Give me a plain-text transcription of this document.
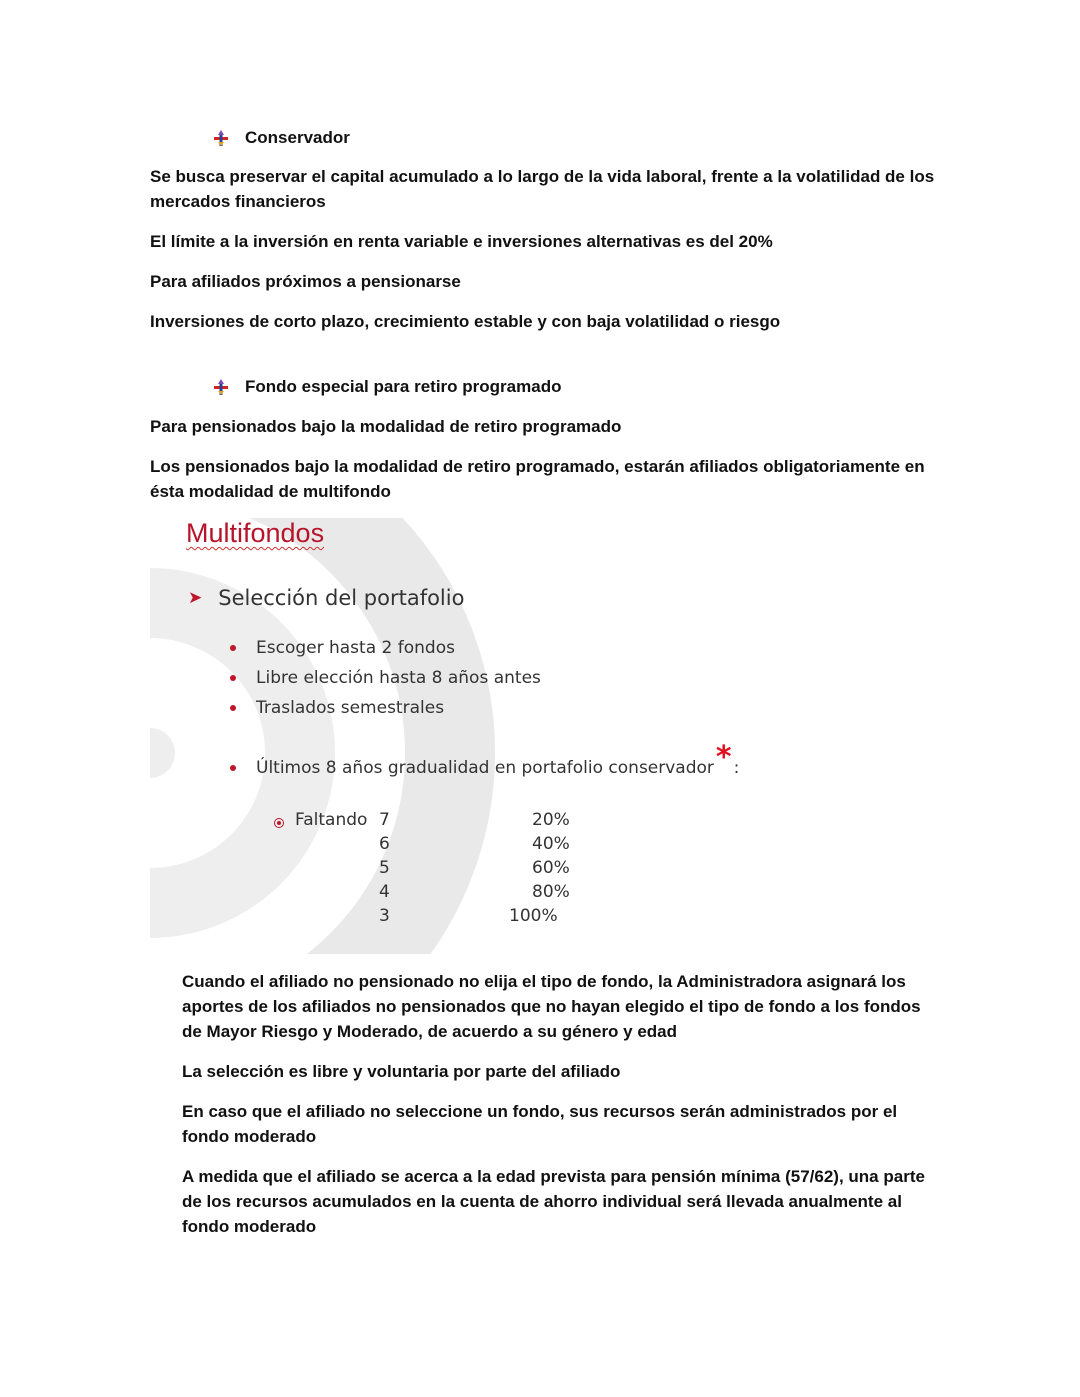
Conservador
Se busca preservar el capital acumulado a lo largo de la vida laboral, frente a la volatilidad de los mercados financieros
El límite a la inversión en renta variable e inversiones alternativas es del 20%
Para afiliados próximos a pensionarse
Inversiones de corto plazo, crecimiento estable y con baja volatilidad o riesgo
Fondo especial para retiro programado
Para pensionados bajo la modalidad de retiro programado
Los pensionados bajo la modalidad de retiro programado, estarán afiliados obligatoriamente en ésta modalidad de multifondo
Multifondos
➤ Selección del portafolio
Escoger hasta 2 fondos
Libre elección hasta 8 años antes
Traslados semestrales
Últimos 8 años gradualidad en portafolio conservador * :
Faltando 7
6
5
4
3
20%
40%
60%
80%
100%
Cuando el afiliado no pensionado no elija el tipo de fondo, la Administradora asignará los aportes de los afiliados no pensionados que no hayan elegido el tipo de fondo a los fondos de Mayor Riesgo y Moderado, de acuerdo a su género y edad
La selección es libre y voluntaria por parte del afiliado
En caso que el afiliado no seleccione un fondo, sus recursos serán administrados por el fondo moderado
A medida que el afiliado se acerca a la edad prevista para pensión mínima (57/62), una parte de los recursos acumulados en la cuenta de ahorro individual será llevada anualmente al fondo moderado
